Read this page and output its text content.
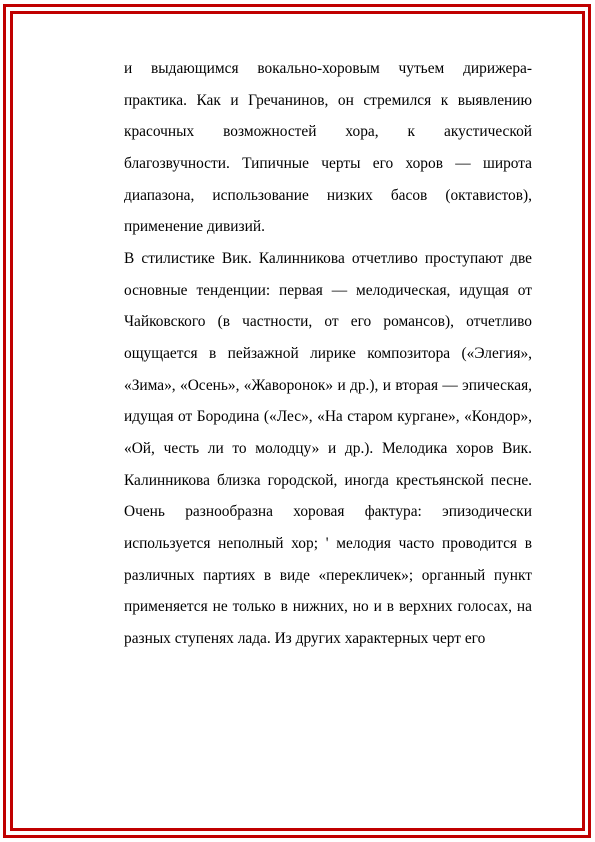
и выдающимся вокально-хоровым чутьем дирижера-практика. Как и Гречанинов, он стремился к выявлению красочных возможностей хора, к акустической благозвучности. Типичные черты его хоров — широта диапазона, использование низких басов (октавистов), применение дивизий.

В стилистике Вик. Калинникова отчетливо проступают две основные тенденции: первая — мелодическая, идущая от Чайковского (в частности, от его романсов), отчетливо ощущается в пейзажной лирике композитора («Элегия», «Зима», «Осень», «Жаворонок» и др.), и вторая — эпическая, идущая от Бородина («Лес», «На старом кургане», «Кондор», «Ой, честь ли то молодцу» и др.). Мелодика хоров Вик. Калинникова близка городской, иногда крестьянской песне. Очень разнообразна хоровая фактура: эпизодически используется неполный хор; ' мелодия часто проводится в различных партиях в виде «перекличек»; органный пункт применяется не только в нижних, но и в верхних голосах, на разных ступенях лада. Из других характерных черт его
